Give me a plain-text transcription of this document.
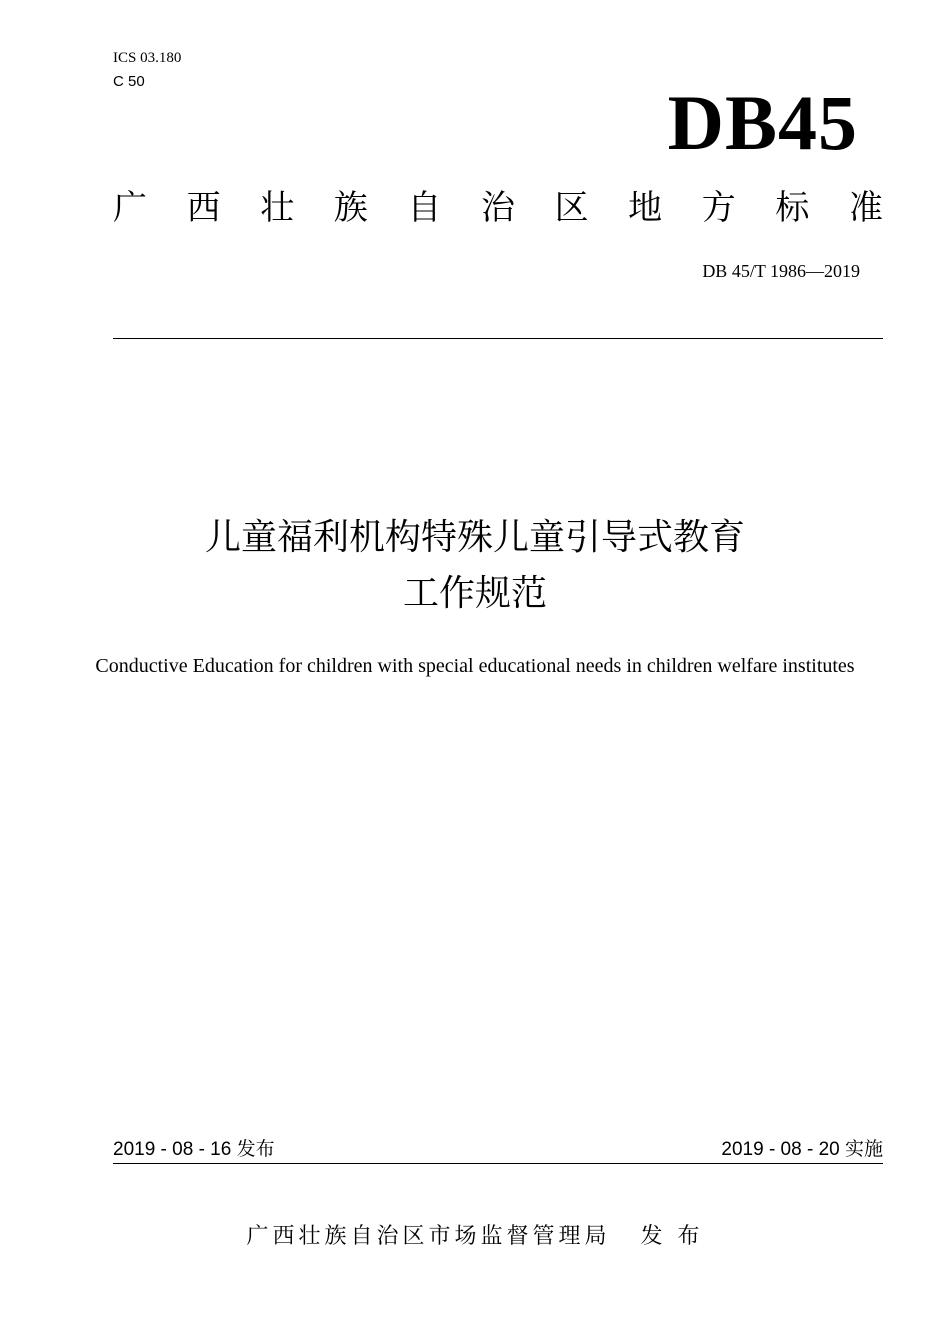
ICS 03.180
C 50	DB45
广 西 壮 族 自 治 区 地 方 标 准
DB 45/T 1986—2019
儿童福利机构特殊儿童引导式教育
工作规范
Conductive Education for children with special educational needs in children welfare institutes
2019 - 08 - 16 发布	2019 - 08 - 20 实施
广西壮族自治区市场监督管理局 发 布
